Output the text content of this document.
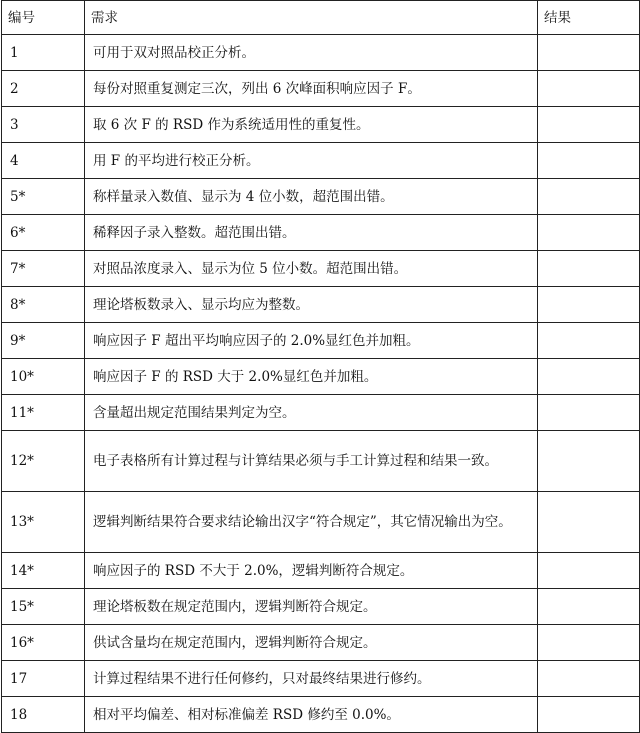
编号	需求	结果
1	可用于双对照品校正分析。	
2	每份对照重复测定三次，列出 6 次峰面积响应因子 F。	
3	取 6 次 F 的 RSD 作为系统适用性的重复性。	
4	用 F 的平均进行校正分析。	
5*	称样量录入数值、显示为 4 位小数，超范围出错。	
6*	稀释因子录入整数。超范围出错。	
7*	对照品浓度录入、显示为位 5 位小数。超范围出错。	
8*	理论塔板数录入、显示均应为整数。	
9*	响应因子 F 超出平均响应因子的 2.0%显红色并加粗。	
10*	响应因子 F 的 RSD 大于 2.0%显红色并加粗。	
11*	含量超出规定范围结果判定为空。	
12*	电子表格所有计算过程与计算结果必须与手工计算过程和结果一致。	
13*	逻辑判断结果符合要求结论输出汉字“符合规定”，其它情况输出为空。	
14*	响应因子的 RSD 不大于 2.0%，逻辑判断符合规定。	
15*	理论塔板数在规定范围内，逻辑判断符合规定。	
16*	供试含量均在规定范围内，逻辑判断符合规定。	
17	计算过程结果不进行任何修约，只对最终结果进行修约。	
18	相对平均偏差、相对标准偏差 RSD 修约至 0.0%。	
